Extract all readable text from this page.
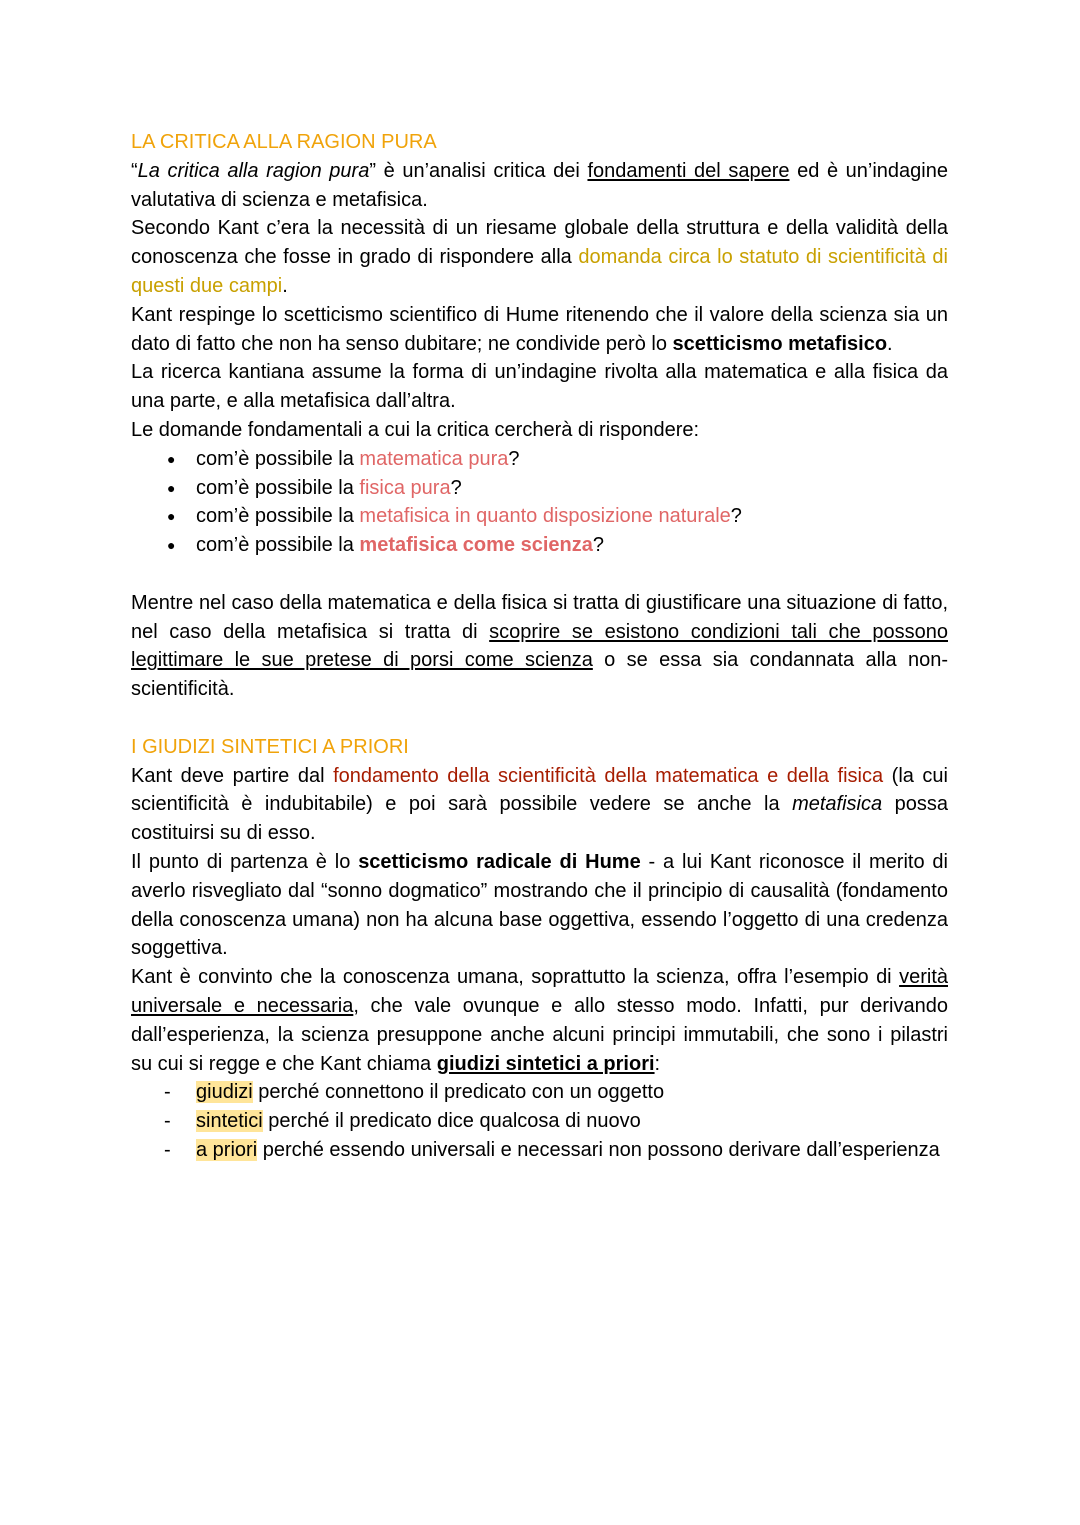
LA CRITICA ALLA RAGION PURA

“La critica alla ragion pura” è un’analisi critica dei fondamenti del sapere ed è un’indagine valutativa di scienza e metafisica.

Secondo Kant c’era la necessità di un riesame globale della struttura e della validità della conoscenza che fosse in grado di rispondere alla domanda circa lo statuto di scientificità di questi due campi.

Kant respinge lo scetticismo scientifico di Hume ritenendo che il valore della scienza sia un dato di fatto che non ha senso dubitare; ne condivide però lo scetticismo metafisico.

La ricerca kantiana assume la forma di un’indagine rivolta alla matematica e alla fisica da una parte, e alla metafisica dall’altra.

Le domande fondamentali a cui la critica cercherà di rispondere:

● com’è possibile la matematica pura?
● com’è possibile la fisica pura?
● com’è possibile la metafisica in quanto disposizione naturale?
● com’è possibile la metafisica come scienza?

Mentre nel caso della matematica e della fisica si tratta di giustificare una situazione di fatto, nel caso della metafisica si tratta di scoprire se esistono condizioni tali che possono legittimare le sue pretese di porsi come scienza o se essa sia condannata alla non-scientificità.

I GIUDIZI SINTETICI A PRIORI

Kant deve partire dal fondamento della scientificità della matematica e della fisica (la cui scientificità è indubitabile) e poi sarà possibile vedere se anche la metafisica possa costituirsi su di esso.

Il punto di partenza è lo scetticismo radicale di Hume - a lui Kant riconosce il merito di averlo risvegliato dal “sonno dogmatico” mostrando che il principio di causalità (fondamento della conoscenza umana) non ha alcuna base oggettiva, essendo l’oggetto di una credenza soggettiva.

Kant è convinto che la conoscenza umana, soprattutto la scienza, offra l’esempio di verità universale e necessaria, che vale ovunque e allo stesso modo. Infatti, pur derivando dall’esperienza, la scienza presuppone anche alcuni principi immutabili, che sono i pilastri su cui si regge e che Kant chiama giudizi sintetici a priori:

- giudizi perché connettono il predicato con un oggetto
- sintetici perché il predicato dice qualcosa di nuovo
- a priori perché essendo universali e necessari non possono derivare dall’esperienza
